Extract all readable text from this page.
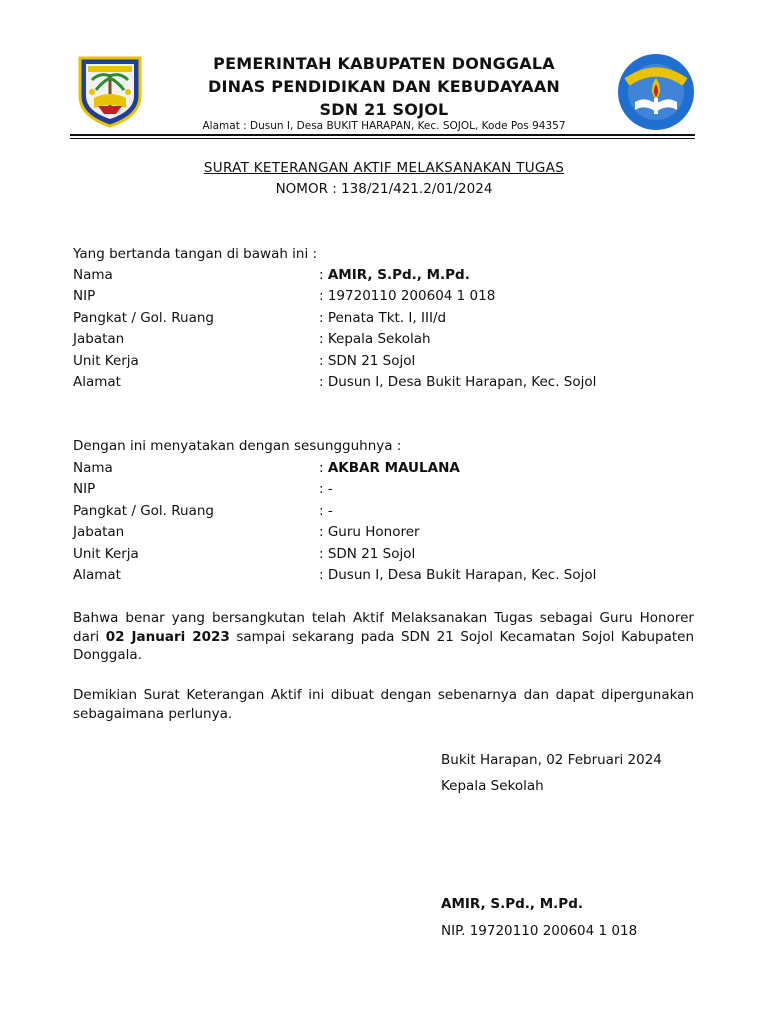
PEMERINTAH KABUPATEN DONGGALA
DINAS PENDIDIKAN DAN KEBUDAYAAN
SDN 21 SOJOL
Alamat : Dusun I, Desa BUKIT HARAPAN, Kec. SOJOL, Kode Pos 94357
SURAT KETERANGAN AKTIF MELAKSANAKAN TUGAS
NOMOR : 138/21/421.2/01/2024
Yang bertanda tangan di bawah ini :
Nama	: AMIR, S.Pd., M.Pd.
NIP	: 19720110 200604 1 018
Pangkat / Gol. Ruang	: Penata Tkt. I, III/d
Jabatan	: Kepala Sekolah
Unit Kerja	: SDN 21 Sojol
Alamat	: Dusun I, Desa Bukit Harapan, Kec. Sojol
Dengan ini menyatakan dengan sesungguhnya :
Nama	: AKBAR MAULANA
NIP	: -
Pangkat / Gol. Ruang	: -
Jabatan	: Guru Honorer
Unit Kerja	: SDN 21 Sojol
Alamat	: Dusun I, Desa Bukit Harapan, Kec. Sojol
Bahwa benar yang bersangkutan telah Aktif Melaksanakan Tugas sebagai Guru Honorer dari 02 Januari 2023 sampai sekarang pada SDN 21 Sojol Kecamatan Sojol Kabupaten Donggala.
Demikian Surat Keterangan Aktif ini dibuat dengan sebenarnya dan dapat dipergunakan sebagaimana perlunya.
Bukit Harapan, 02 Februari 2024
Kepala Sekolah
AMIR, S.Pd., M.Pd.
NIP. 19720110 200604 1 018
